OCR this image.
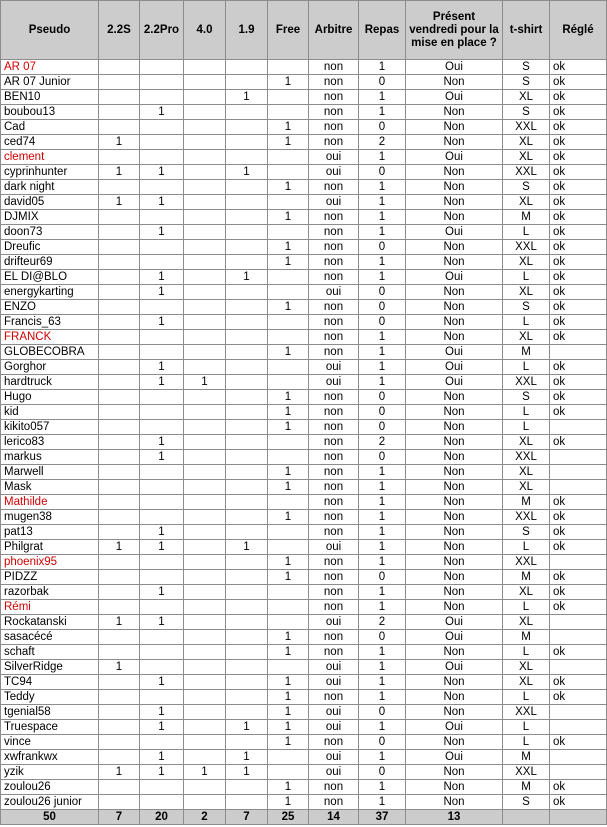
Pseudo	2.2S	2.2Pro	4.0	1.9	Free	Arbitre	Repas	Présent vendredi pour la mise en place ?	t-shirt	Réglé
AR 07						non	1	Oui	S	ok
AR 07 Junior					1	non	0	Non	S	ok
BEN10				1		non	1	Oui	XL	ok
boubou13		1				non	1	Non	S	ok
Cad					1	non	0	Non	XXL	ok
ced74	1				1	non	2	Non	XL	ok
clement						oui	1	Oui	XL	ok
cyprinhunter	1	1		1		oui	0	Non	XXL	ok
dark night					1	non	1	Non	S	ok
david05	1	1				oui	1	Non	XL	ok
DJMIX					1	non	1	Non	M	ok
doon73		1				non	1	Oui	L	ok
Dreufic					1	non	0	Non	XXL	ok
drifteur69					1	non	1	Non	XL	ok
EL DI@BLO		1		1		non	1	Oui	L	ok
energykarting		1				oui	0	Non	XL	ok
ENZO					1	non	0	Non	S	ok
Francis_63		1				non	0	Non	L	ok
FRANCK						non	1	Non	XL	ok
GLOBECOBRA					1	non	1	Oui	M	
Gorghor		1				oui	1	Oui	L	ok
hardtruck		1	1			oui	1	Oui	XXL	ok
Hugo					1	non	0	Non	S	ok
kid					1	non	0	Non	L	ok
kikito057					1	non	0	Non	L	
lerico83		1				non	2	Non	XL	ok
markus		1				non	0	Non	XXL	
Marwell					1	non	1	Non	XL	
Mask					1	non	1	Non	XL	
Mathilde						non	1	Non	M	ok
mugen38					1	non	1	Non	XXL	ok
pat13		1				non	1	Non	S	ok
Philgrat	1	1		1		oui	1	Non	L	ok
phoenix95					1	non	1	Non	XXL	
PIDZZ					1	non	0	Non	M	ok
razorbak		1				non	1	Non	XL	ok
Rémi						non	1	Non	L	ok
Rockatanski	1	1				oui	2	Oui	XL	
sasacécé					1	non	0	Oui	M	
schaft					1	non	1	Non	L	ok
SilverRidge	1					oui	1	Oui	XL	
TC94		1			1	oui	1	Non	XL	ok
Teddy					1	non	1	Non	L	ok
tgenial58		1			1	oui	0	Non	XXL	
Truespace		1		1	1	oui	1	Oui	L	
vince					1	non	0	Non	L	ok
xwfrankwx		1		1		oui	1	Oui	M	
yzik	1	1	1	1		oui	0	Non	XXL	
zoulou26					1	non	1	Non	M	ok
zoulou26 junior					1	non	1	Non	S	ok
50	7	20	2	7	25	14	37	13		
